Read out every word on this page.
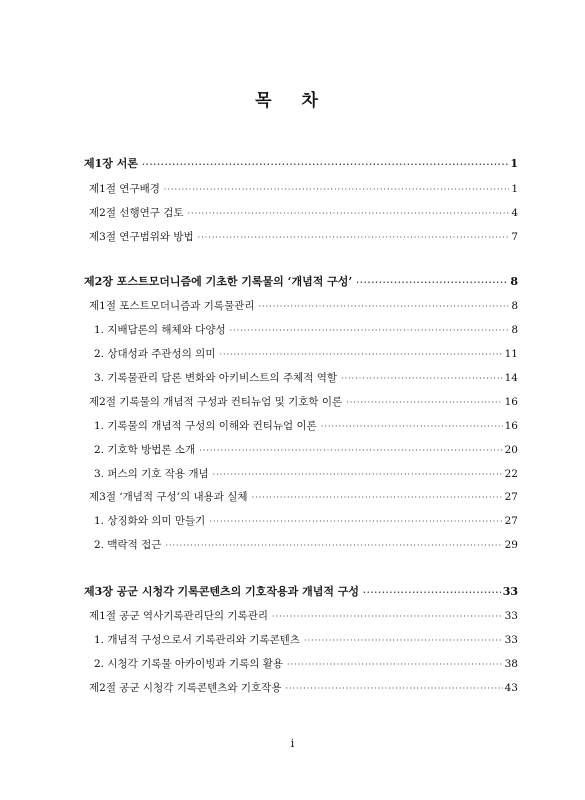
목 차
제1장 서론 ·····	1
제1절 연구배경 ·····	1
제2절 선행연구 검토 ·····	4
제3절 연구범위와 방법 ·····	7
제2장 포스트모더니즘에 기초한 기록물의 ‘개념적 구성’ ·····	8
제1절 포스트모더니즘과 기록물관리 ·····	8
1. 지배담론의 해체와 다양성 ·····	8
2. 상대성과 주관성의 의미 ·····	11
3. 기록물관리 담론 변화와 아키비스트의 주체적 역할 ·····	14
제2절 기록물의 개념적 구성과 컨티뉴엄 및 기호학 이론 ·····	16
1. 기록물의 개념적 구성의 이해와 컨티뉴엄 이론 ·····	16
2. 기호학 방법론 소개 ·····	20
3. 퍼스의 기호 작용 개념 ·····	22
제3절 ‘개념적 구성’의 내용과 실체 ·····	27
1. 상징화와 의미 만들기 ·····	27
2. 맥락적 접근 ·····	29
제3장 공군 시청각 기록콘텐츠의 기호작용과 개념적 구성 ·····	33
제1절 공군 역사기록관리단의 기록관리 ·····	33
1. 개념적 구성으로서 기록관리와 기록콘텐츠 ·····	33
2. 시청각 기록물 아카이빙과 기록의 활용 ·····	38
제2절 공군 시청각 기록콘텐츠와 기호작용 ·····	43
i
